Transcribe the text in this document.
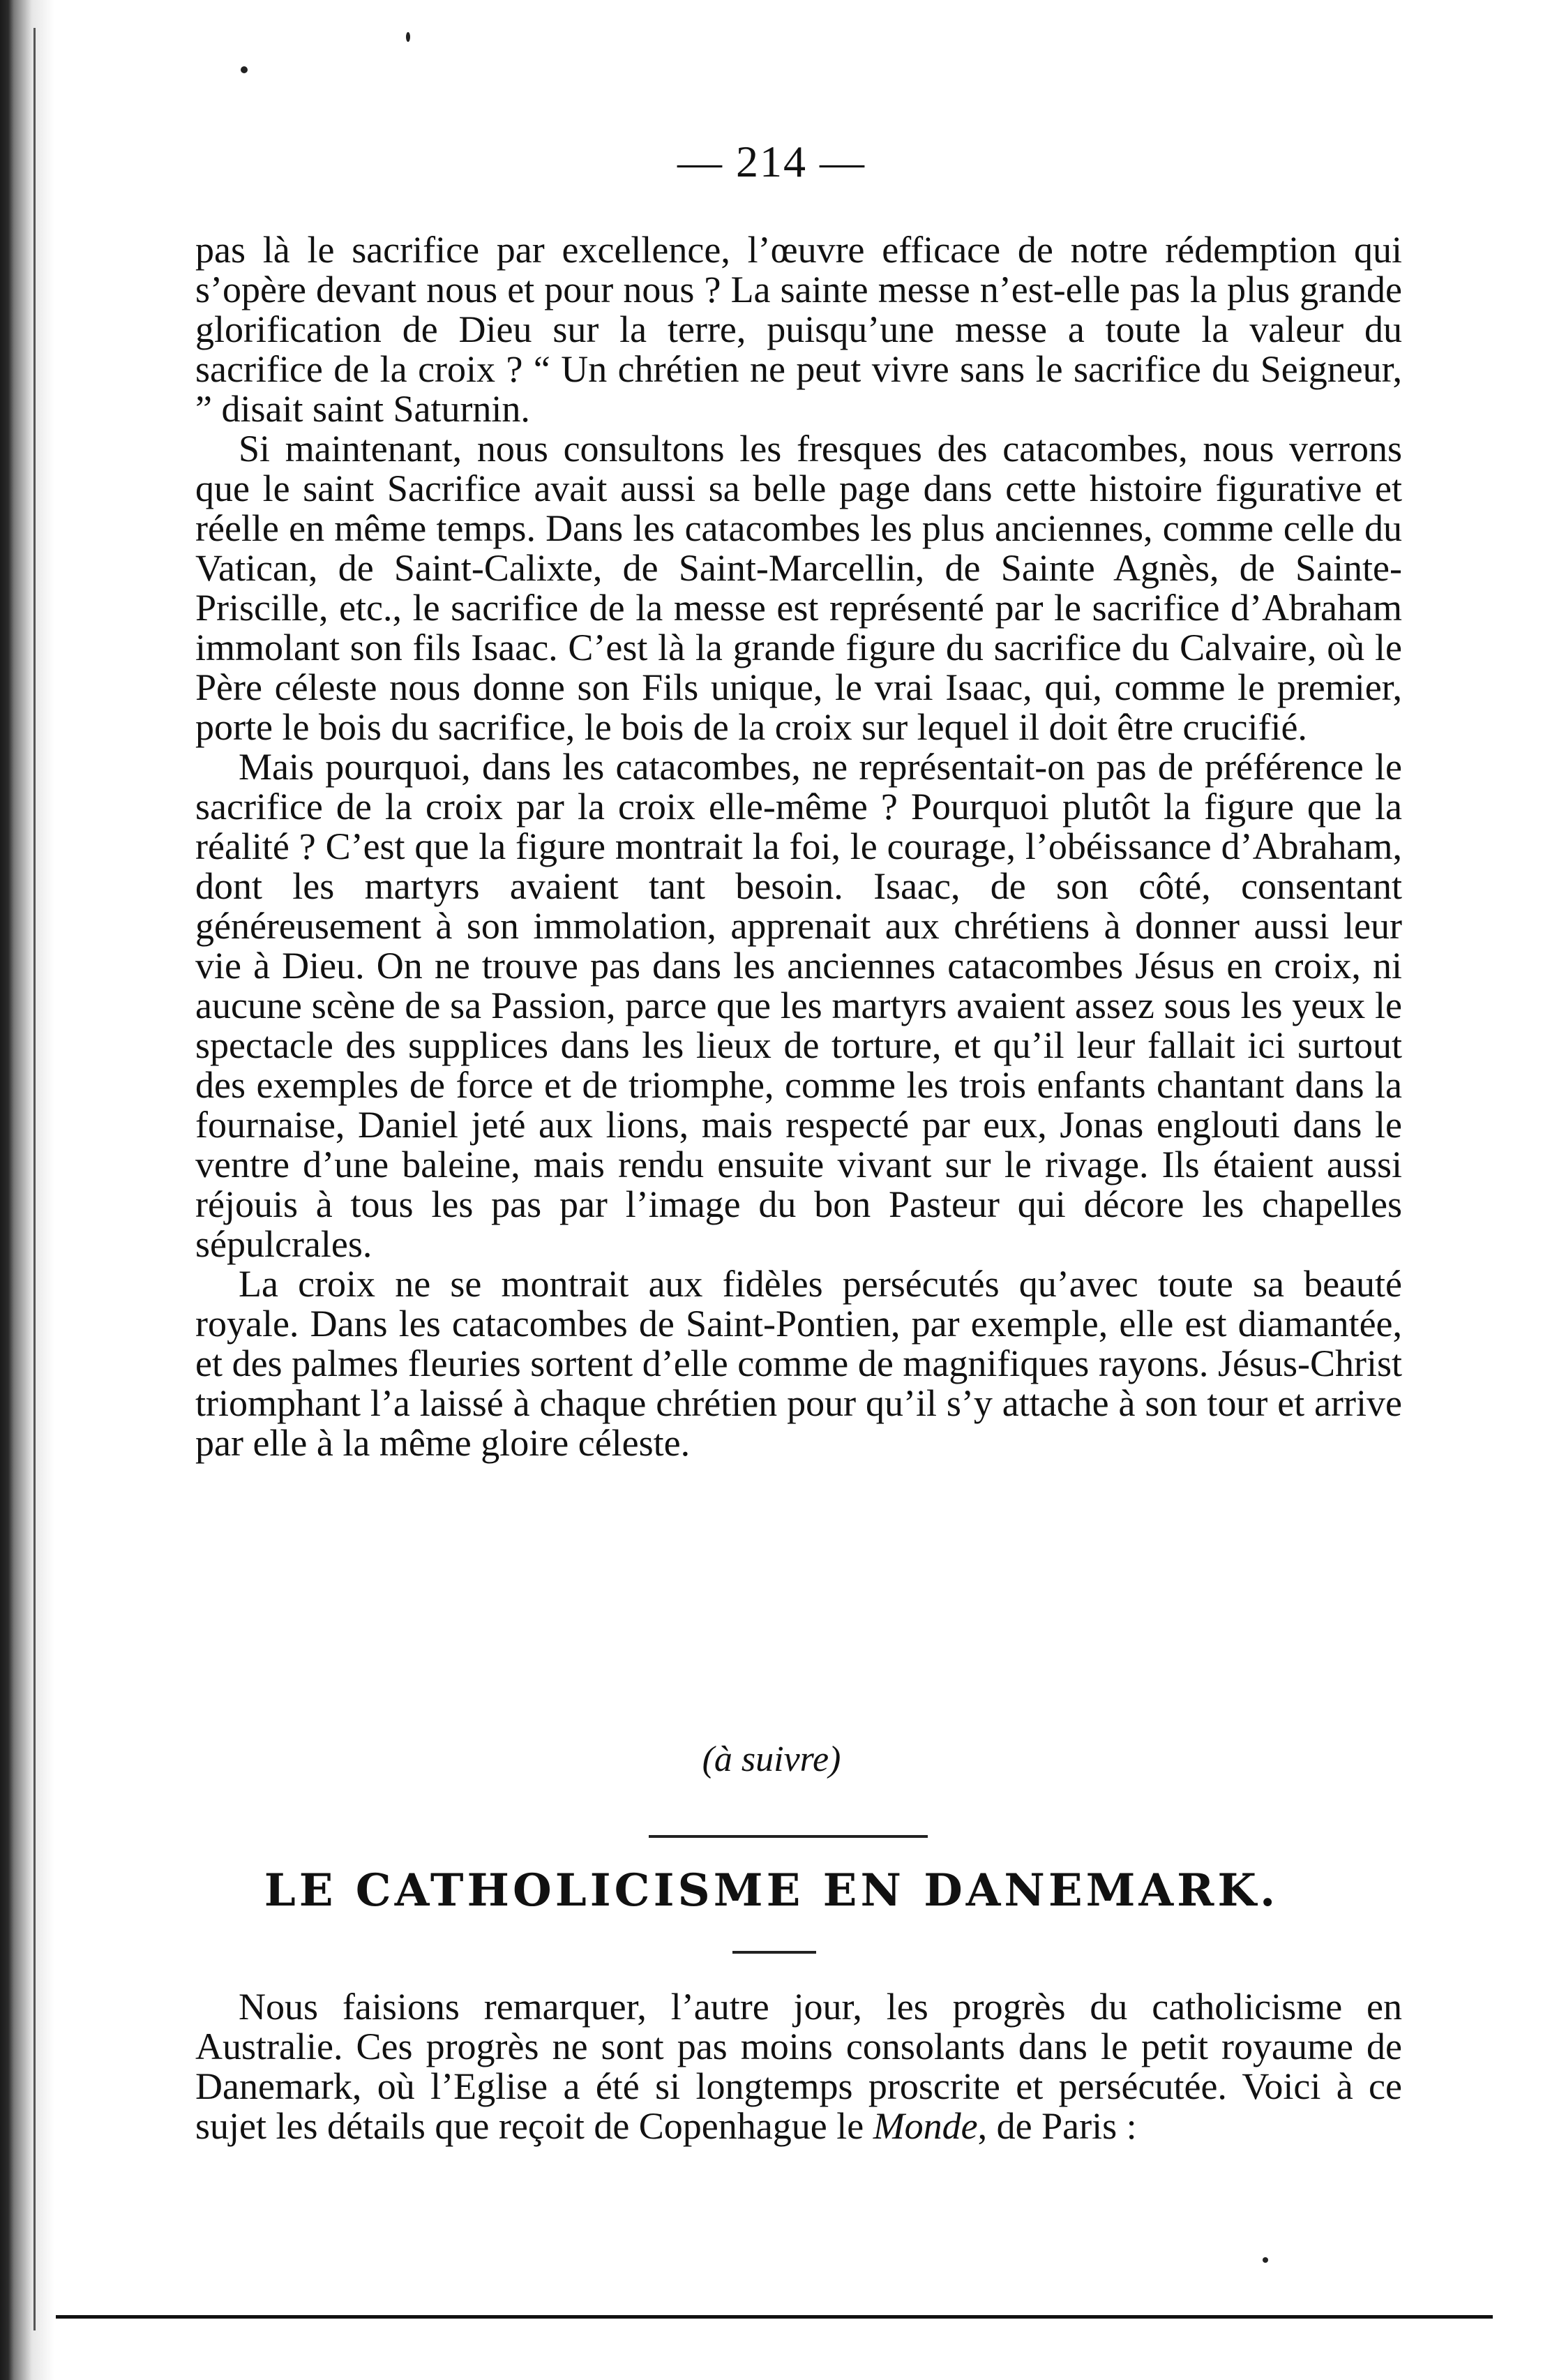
— 214 —

pas là le sacrifice par excellence, l’œuvre efficace de notre rédemption qui s’opère devant nous et pour nous ? La sainte messe n’est-elle pas la plus grande glorification de Dieu sur la terre, puisqu’une messe a toute la valeur du sacrifice de la croix ? “ Un chrétien ne peut vivre sans le sacrifice du Seigneur, ” disait saint Saturnin.

Si maintenant, nous consultons les fresques des catacombes, nous verrons que le saint Sacrifice avait aussi sa belle page dans cette histoire figurative et réelle en même temps. Dans les catacombes les plus anciennes, comme celle du Vatican, de Saint-Calixte, de Saint-Marcellin, de Sainte Agnès, de Sainte-Priscille, etc., le sacrifice de la messe est représenté par le sacrifice d’Abraham immolant son fils Isaac. C’est là la grande figure du sacrifice du Calvaire, où le Père céleste nous donne son Fils unique, le vrai Isaac, qui, comme le premier, porte le bois du sacrifice, le bois de la croix sur lequel il doit être crucifié.

Mais pourquoi, dans les catacombes, ne représentait-on pas de préférence le sacrifice de la croix par la croix elle-même ? Pourquoi plutôt la figure que la réalité ? C’est que la figure montrait la foi, le courage, l’obéissance d’Abraham, dont les martyrs avaient tant besoin. Isaac, de son côté, consentant généreusement à son immolation, apprenait aux chrétiens à donner aussi leur vie à Dieu. On ne trouve pas dans les anciennes catacombes Jésus en croix, ni aucune scène de sa Passion, parce que les martyrs avaient assez sous les yeux le spectacle des supplices dans les lieux de torture, et qu’il leur fallait ici surtout des exemples de force et de triomphe, comme les trois enfants chantant dans la fournaise, Daniel jeté aux lions, mais respecté par eux, Jonas englouti dans le ventre d’une baleine, mais rendu ensuite vivant sur le rivage. Ils étaient aussi réjouis à tous les pas par l’image du bon Pasteur qui décore les chapelles sépulcrales.

La croix ne se montrait aux fidèles persécutés qu’avec toute sa beauté royale. Dans les catacombes de Saint-Pontien, par exemple, elle est diamantée, et des palmes fleuries sortent d’elle comme de magnifiques rayons. Jésus-Christ triomphant l’a laissé à chaque chrétien pour qu’il s’y attache à son tour et arrive par elle à la même gloire céleste.

(à suivre)
LE CATHOLICISME EN DANEMARK.

Nous faisions remarquer, l’autre jour, les progrès du catholicisme en Australie. Ces progrès ne sont pas moins consolants dans le petit royaume de Danemark, où l’Eglise a été si longtemps proscrite et persécutée. Voici à ce sujet les détails que reçoit de Copenhague le Monde, de Paris :
